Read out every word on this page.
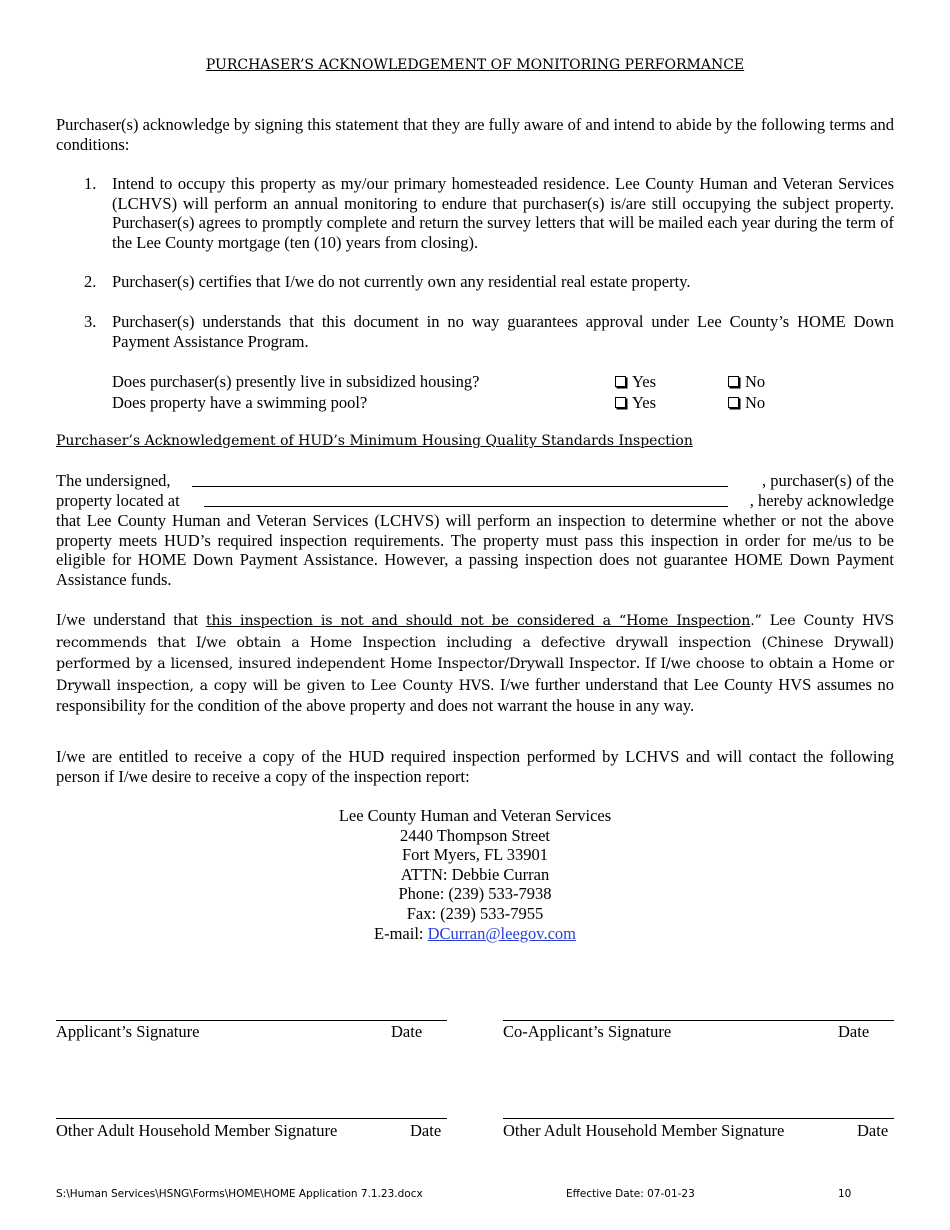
PURCHASER’S ACKNOWLEDGEMENT OF MONITORING PERFORMANCE
Purchaser(s) acknowledge by signing this statement that they are fully aware of and intend to abide by the following terms and conditions:
1. Intend to occupy this property as my/our primary homesteaded residence. Lee County Human and Veteran Services (LCHVS) will perform an annual monitoring to endure that purchaser(s) is/are still occupying the subject property. Purchaser(s) agrees to promptly complete and return the survey letters that will be mailed each year during the term of the Lee County mortgage (ten (10) years from closing).
2. Purchaser(s) certifies that I/we do not currently own any residential real estate property.
3. Purchaser(s) understands that this document in no way guarantees approval under Lee County’s HOME Down Payment Assistance Program.
Does purchaser(s) presently live in subsidized housing?	Yes	No
Does property have a swimming pool?	Yes	No
Purchaser’s Acknowledgement of HUD’s Minimum Housing Quality Standards Inspection
The undersigned,	, purchaser(s) of the
property located at	, hereby acknowledge
that Lee County Human and Veteran Services (LCHVS) will perform an inspection to determine whether or not the above property meets HUD’s required inspection requirements. The property must pass this inspection in order for me/us to be eligible for HOME Down Payment Assistance. However, a passing inspection does not guarantee HOME Down Payment Assistance funds.
I/we understand that this inspection is not and should not be considered a “Home Inspection.” Lee County HVS recommends that I/we obtain a Home Inspection including a defective drywall inspection (Chinese Drywall) performed by a licensed, insured independent Home Inspector/Drywall Inspector. If I/we choose to obtain a Home or Drywall inspection, a copy will be given to Lee County HVS. I/we further understand that Lee County HVS assumes no responsibility for the condition of the above property and does not warrant the house in any way.
I/we are entitled to receive a copy of the HUD required inspection performed by LCHVS and will contact the following person if I/we desire to receive a copy of the inspection report:
Lee County Human and Veteran Services
2440 Thompson Street
Fort Myers, FL 33901
ATTN: Debbie Curran
Phone: (239) 533-7938
Fax: (239) 533-7955
E-mail: DCurran@leegov.com
Applicant’s Signature	Date	Co-Applicant’s Signature	Date
Other Adult Household Member Signature	Date	Other Adult Household Member Signature	Date
S:\Human Services\HSNG\Forms\HOME\HOME Application 7.1.23.docx	Effective Date: 07-01-23	10
